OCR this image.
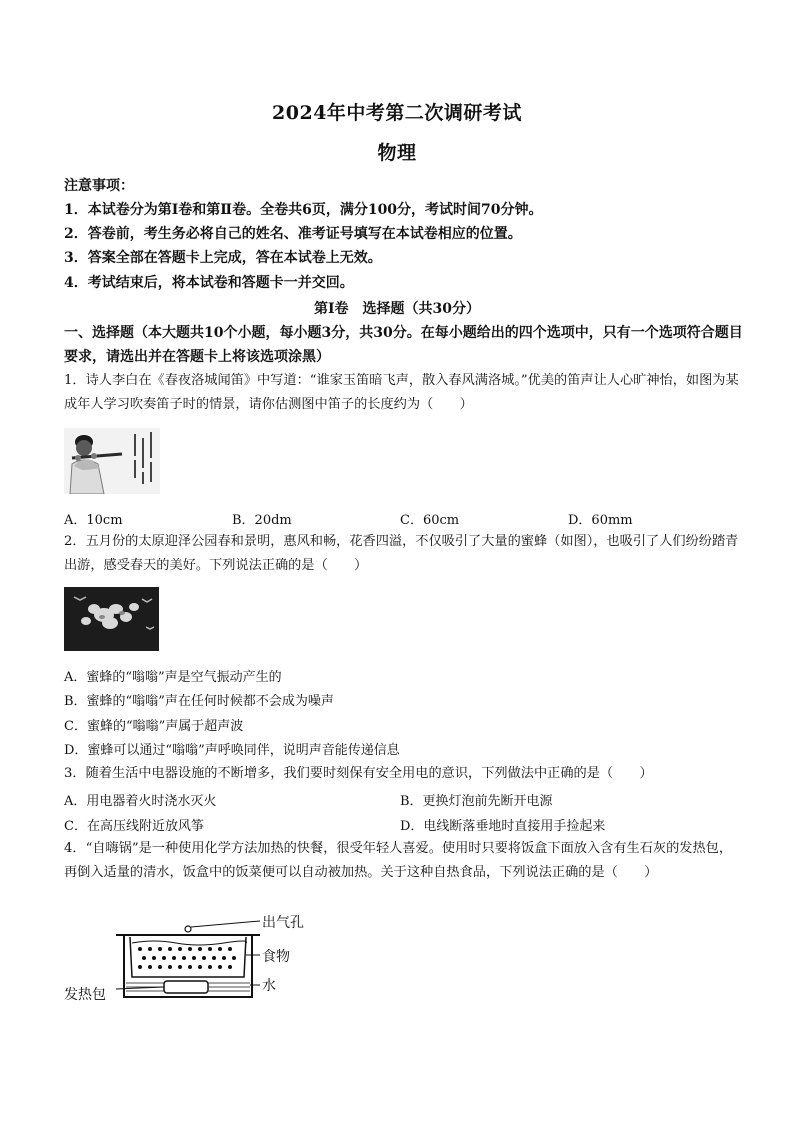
2024年中考第二次调研考试
物理
注意事项：
1．本试卷分为第Ⅰ卷和第Ⅱ卷。全卷共6页，满分100分，考试时间70分钟。
2．答卷前，考生务必将自己的姓名、准考证号填写在本试卷相应的位置。
3．答案全部在答题卡上完成，答在本试卷上无效。
4．考试结束后，将本试卷和答题卡一并交回。
第Ⅰ卷　选择题（共30分）
一、选择题（本大题共10个小题，每小题3分，共30分。在每小题给出的四个选项中，只有一个选项符合题目要求，请选出并在答题卡上将该选项涂黑）
1．诗人李白在《春夜洛城闻笛》中写道：“谁家玉笛暗飞声，散入春风满洛城。”优美的笛声让人心旷神怡，如图为某成年人学习吹奏笛子时的情景，请你估测图中笛子的长度约为（　　）
A．10cm	B．20dm	C．60cm	D．60mm
2．五月份的太原迎泽公园春和景明，惠风和畅，花香四溢，不仅吸引了大量的蜜蜂（如图），也吸引了人们纷纷踏青出游，感受春天的美好。下列说法正确的是（　　）
A．蜜蜂的“嗡嗡”声是空气振动产生的
B．蜜蜂的“嗡嗡”声在任何时候都不会成为噪声
C．蜜蜂的“嗡嗡”声属于超声波
D．蜜蜂可以通过“嗡嗡”声呼唤同伴，说明声音能传递信息
3．随着生活中电器设施的不断增多，我们要时刻保有安全用电的意识，下列做法中正确的是（　　）
A．用电器着火时浇水灭火	B．更换灯泡前先断开电源
C．在高压线附近放风筝	D．电线断落垂地时直接用手捡起来
4．“自嗨锅”是一种使用化学方法加热的快餐，很受年轻人喜爱。使用时只要将饭盒下面放入含有生石灰的发热包，再倒入适量的清水，饭盒中的饭菜便可以自动被加热。关于这种自热食品，下列说法正确的是（　　）
出气孔
食物
水
发热包
